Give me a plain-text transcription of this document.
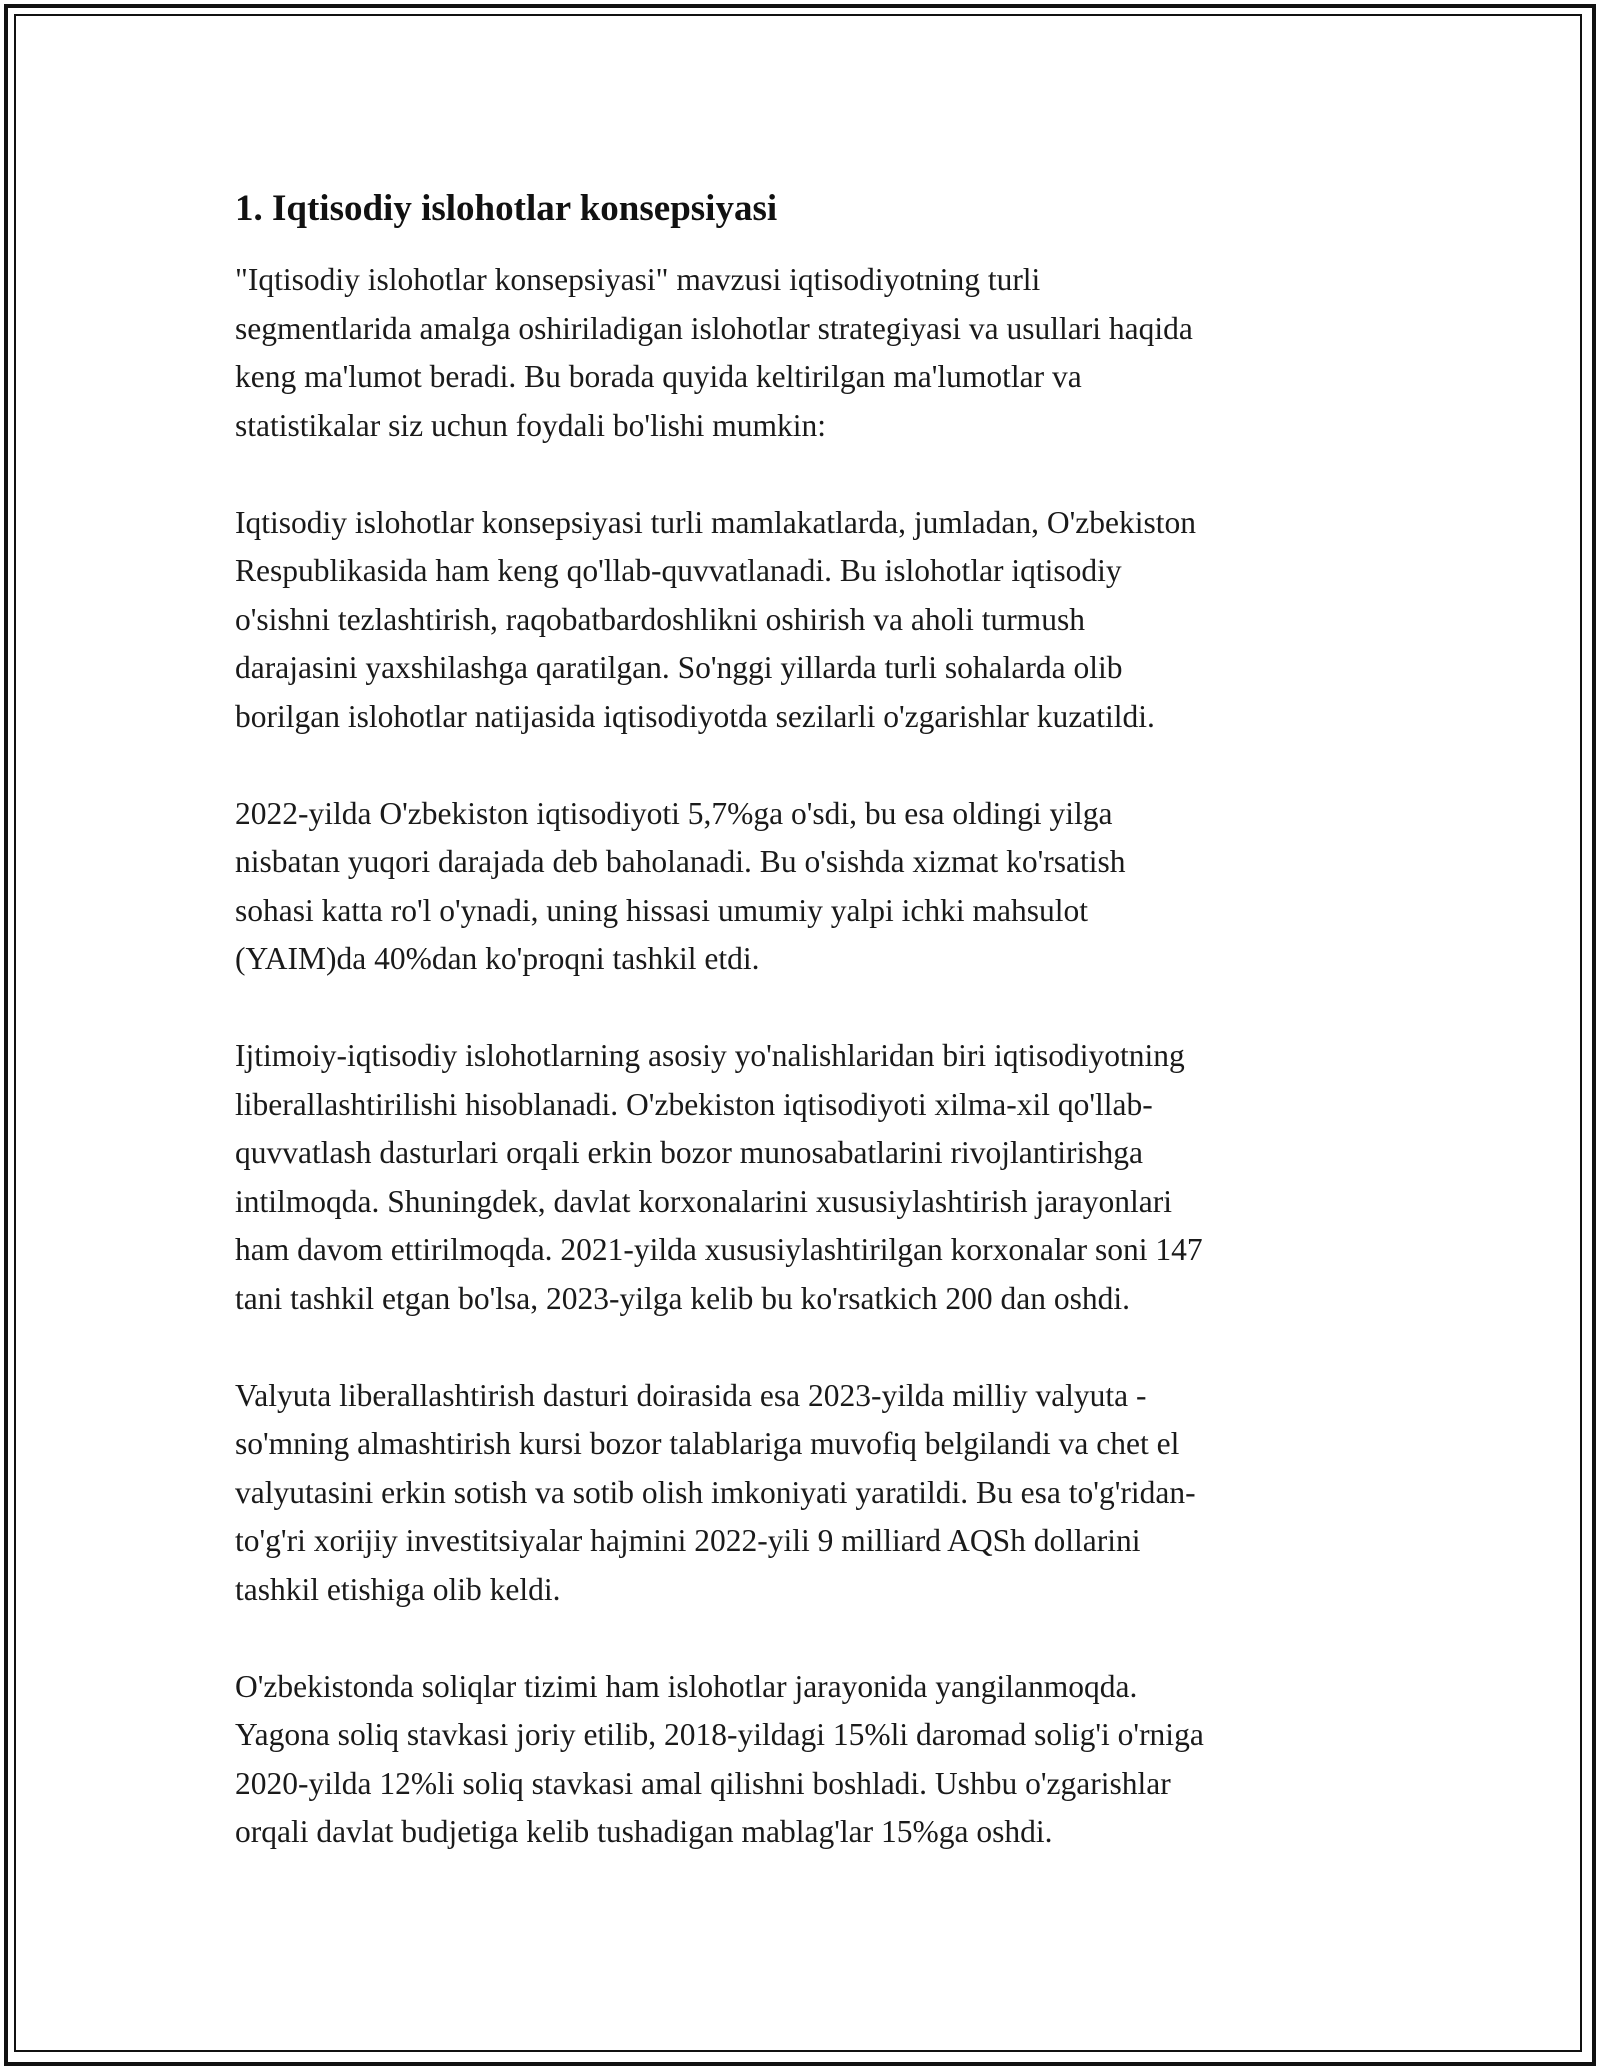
1. Iqtisodiy islohotlar konsepsiyasi

"Iqtisodiy islohotlar konsepsiyasi" mavzusi iqtisodiyotning turli
segmentlarida amalga oshiriladigan islohotlar strategiyasi va usullari haqida
keng ma'lumot beradi. Bu borada quyida keltirilgan ma'lumotlar va
statistikalar siz uchun foydali bo'lishi mumkin:

Iqtisodiy islohotlar konsepsiyasi turli mamlakatlarda, jumladan, O'zbekiston
Respublikasida ham keng qo'llab-quvvatlanadi. Bu islohotlar iqtisodiy
o'sishni tezlashtirish, raqobatbardoshlikni oshirish va aholi turmush
darajasini yaxshilashga qaratilgan. So'nggi yillarda turli sohalarda olib
borilgan islohotlar natijasida iqtisodiyotda sezilarli o'zgarishlar kuzatildi.

2022-yilda O'zbekiston iqtisodiyoti 5,7%ga o'sdi, bu esa oldingi yilga
nisbatan yuqori darajada deb baholanadi. Bu o'sishda xizmat ko'rsatish
sohasi katta ro'l o'ynadi, uning hissasi umumiy yalpi ichki mahsulot
(YAIM)da 40%dan ko'proqni tashkil etdi.

Ijtimoiy-iqtisodiy islohotlarning asosiy yo'nalishlaridan biri iqtisodiyotning
liberallashtirilishi hisoblanadi. O'zbekiston iqtisodiyoti xilma-xil qo'llab-
quvvatlash dasturlari orqali erkin bozor munosabatlarini rivojlantirishga
intilmoqda. Shuningdek, davlat korxonalarini xususiylashtirish jarayonlari
ham davom ettirilmoqda. 2021-yilda xususiylashtirilgan korxonalar soni 147
tani tashkil etgan bo'lsa, 2023-yilga kelib bu ko'rsatkich 200 dan oshdi.

Valyuta liberallashtirish dasturi doirasida esa 2023-yilda milliy valyuta -
so'mning almashtirish kursi bozor talablariga muvofiq belgilandi va chet el
valyutasini erkin sotish va sotib olish imkoniyati yaratildi. Bu esa to'g'ridan-
to'g'ri xorijiy investitsiyalar hajmini 2022-yili 9 milliard AQSh dollarini
tashkil etishiga olib keldi.

O'zbekistonda soliqlar tizimi ham islohotlar jarayonida yangilanmoqda.
Yagona soliq stavkasi joriy etilib, 2018-yildagi 15%li daromad solig'i o'rniga
2020-yilda 12%li soliq stavkasi amal qilishni boshladi. Ushbu o'zgarishlar
orqali davlat budjetiga kelib tushadigan mablag'lar 15%ga oshdi.
